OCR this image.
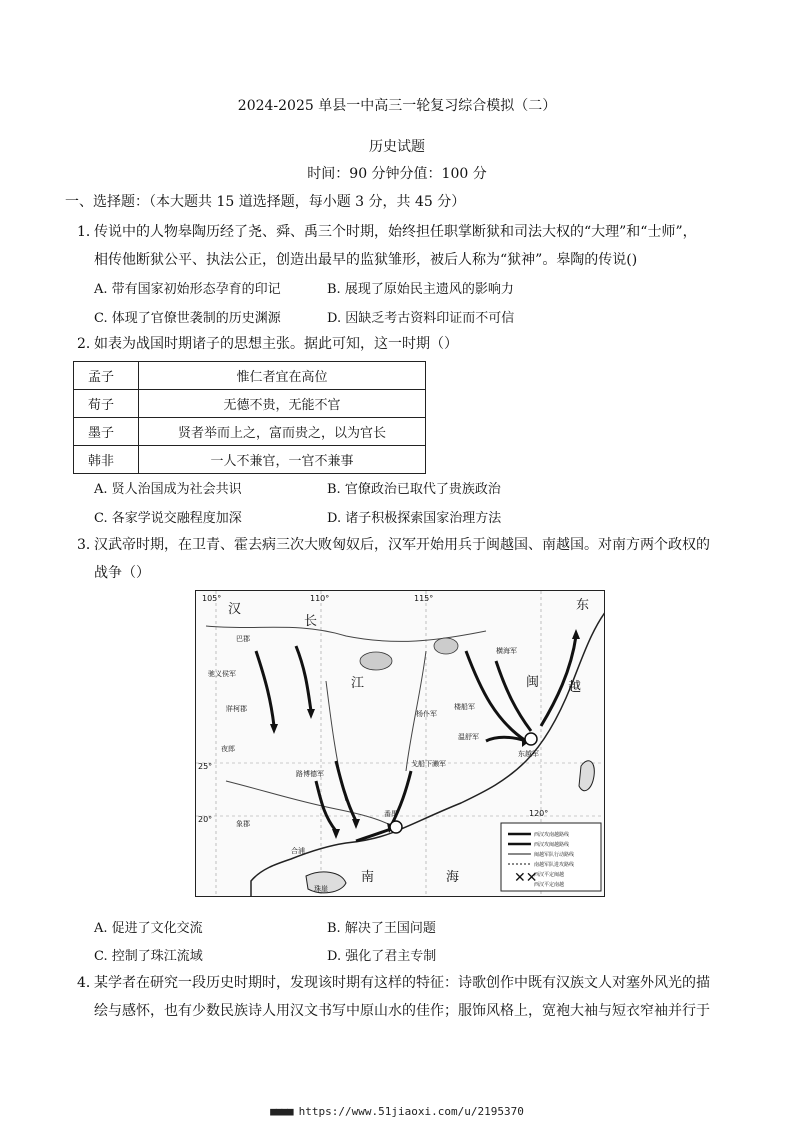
2024-2025 单县一中高三一轮复习综合模拟（二）
历史试题
时间：90 分钟分值：100 分
一、选择题：（本大题共 15 道选择题，每小题 3 分，共 45 分）
1．传说中的人物皋陶历经了尧、舜、禹三个时期，始终担任职掌断狱和司法大权的“大理”和“士师”，
相传他断狱公平、执法公正，创造出最早的监狱雏形，被后人称为“狱神”。皋陶的传说()
A. 带有国家初始形态孕育的印记	B. 展现了原始民主遗风的影响力
C. 体现了官僚世袭制的历史渊源	D. 因缺乏考古资料印证而不可信
2．如表为战国时期诸子的思想主张。据此可知，这一时期（）
孟子	惟仁者宜在高位
荀子	无德不贵，无能不官
墨子	贤者举而上之，富而贵之，以为官长
韩非	一人不兼官，一官不兼事
A. 贤人治国成为社会共识	B. 官僚政治已取代了贵族政治
C. 各家学说交融程度加深	D. 诸子积极探索国家治理方法
3．汉武帝时期，在卫青、霍去病三次大败匈奴后，汉军开始用兵于闽越国、南越国。对南方两个政权的
战争（）
西汉攻南越路线
西汉攻闽越路线
闽越军队行动路线
南越军队进攻路线
西汉平定闽越
西汉平定南越
✕✕
105°	110°	115°
120°
25°
20°
汉
长
江
南	海
东
越
闽
巴郡
牂柯郡
夜郎
东越军
楼船军
横海军
杨仆军
路博德军
戈船下濑军
驰义侯军
温舒军
番禺
珠崖
象郡
合浦
A. 促进了文化交流	B. 解决了王国问题
C. 控制了珠江流域	D. 强化了君主专制
4．某学者在研究一段历史时期时，发现该时期有这样的特征：诗歌创作中既有汉族文人对塞外风光的描
绘与感怀，也有少数民族诗人用汉文书写中原山水的佳作；服饰风格上，宽袍大袖与短衣窄袖并行于
■■■■ https://www.51jiaoxi.com/u/2195370
